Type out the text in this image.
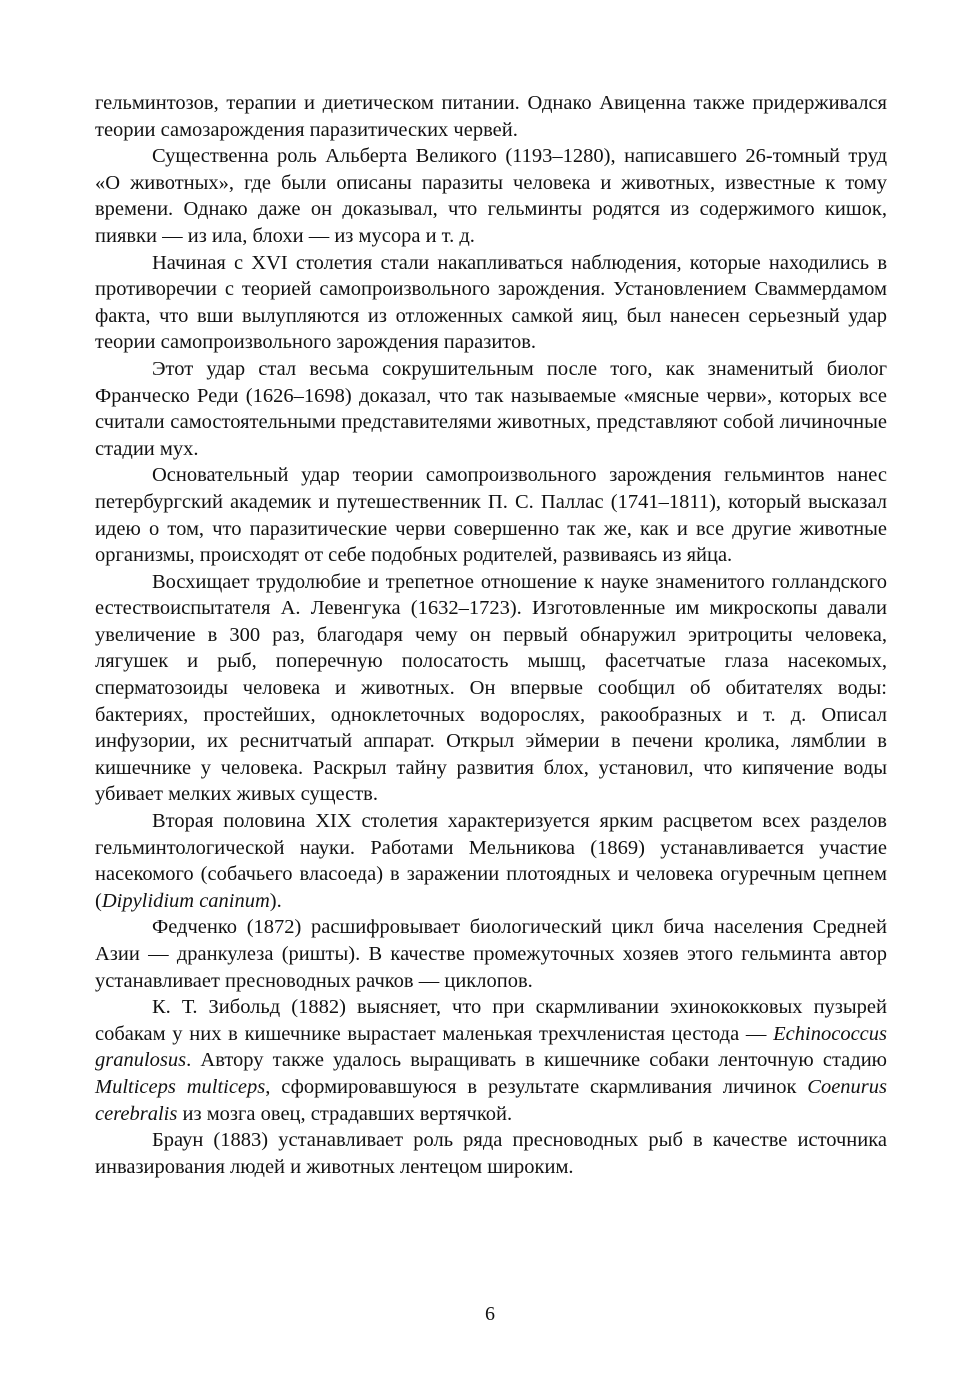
гельминтозов, терапии и диетическом питании. Однако Авиценна также придерживался теории самозарождения паразитических червей.

Существенна роль Альберта Великого (1193–1280), написавшего 26-томный труд «О животных», где были описаны паразиты человека и животных, известные к тому времени. Однако даже он доказывал, что гельминты родятся из содержимого кишок, пиявки — из ила, блохи — из мусора и т. д.

Начиная с XVI столетия стали накапливаться наблюдения, которые находились в противоречии с теорией самопроизвольного зарождения. Установлением Сваммердамом факта, что вши вылупляются из отложенных самкой яиц, был нанесен серьезный удар теории самопроизвольного зарождения паразитов.

Этот удар стал весьма сокрушительным после того, как знаменитый биолог Франческо Реди (1626–1698) доказал, что так называемые «мясные черви», которых все считали самостоятельными представителями животных, представляют собой личиночные стадии мух.

Основательный удар теории самопроизвольного зарождения гельминтов нанес петербургский академик и путешественник П. С. Паллас (1741–1811), который высказал идею о том, что паразитические черви совершенно так же, как и все другие животные организмы, происходят от себе подобных родителей, развиваясь из яйца.

Восхищает трудолюбие и трепетное отношение к науке знаменитого голландского естествоиспытателя А. Левенгука (1632–1723). Изготовленные им микроскопы давали увеличение в 300 раз, благодаря чему он первый обнаружил эритроциты человека, лягушек и рыб, поперечную полосатость мышц, фасетчатые глаза насекомых, сперматозоиды человека и животных. Он впервые сообщил об обитателях воды: бактериях, простейших, одноклеточных водорослях, ракообразных и т. д. Описал инфузории, их реснитчатый аппарат. Открыл эймерии в печени кролика, лямблии в кишечнике у человека. Раскрыл тайну развития блох, установил, что кипячение воды убивает мелких живых существ.

Вторая половина XIX столетия характеризуется ярким расцветом всех разделов гельминтологической науки. Работами Мельникова (1869) устанавливается участие насекомого (собачьего власоеда) в заражении плотоядных и человека огуречным цепнем (Dipylidium caninum).

Федченко (1872) расшифровывает биологический цикл бича населения Средней Азии — дранкулеза (ришты). В качестве промежуточных хозяев этого гельминта автор устанавливает пресноводных рачков — циклопов.

К. Т. Зибольд (1882) выясняет, что при скармливании эхинококковых пузырей собакам у них в кишечнике вырастает маленькая трехчленистая цестода — Echinococcus granulosus. Автору также удалось выращивать в кишечнике собаки ленточную стадию Multiceps multiceps, сформировавшуюся в результате скармливания личинок Coenurus cerebralis из мозга овец, страдавших вертячкой.

Браун (1883) устанавливает роль ряда пресноводных рыб в качестве источника инвазирования людей и животных лентецом широким.

6
